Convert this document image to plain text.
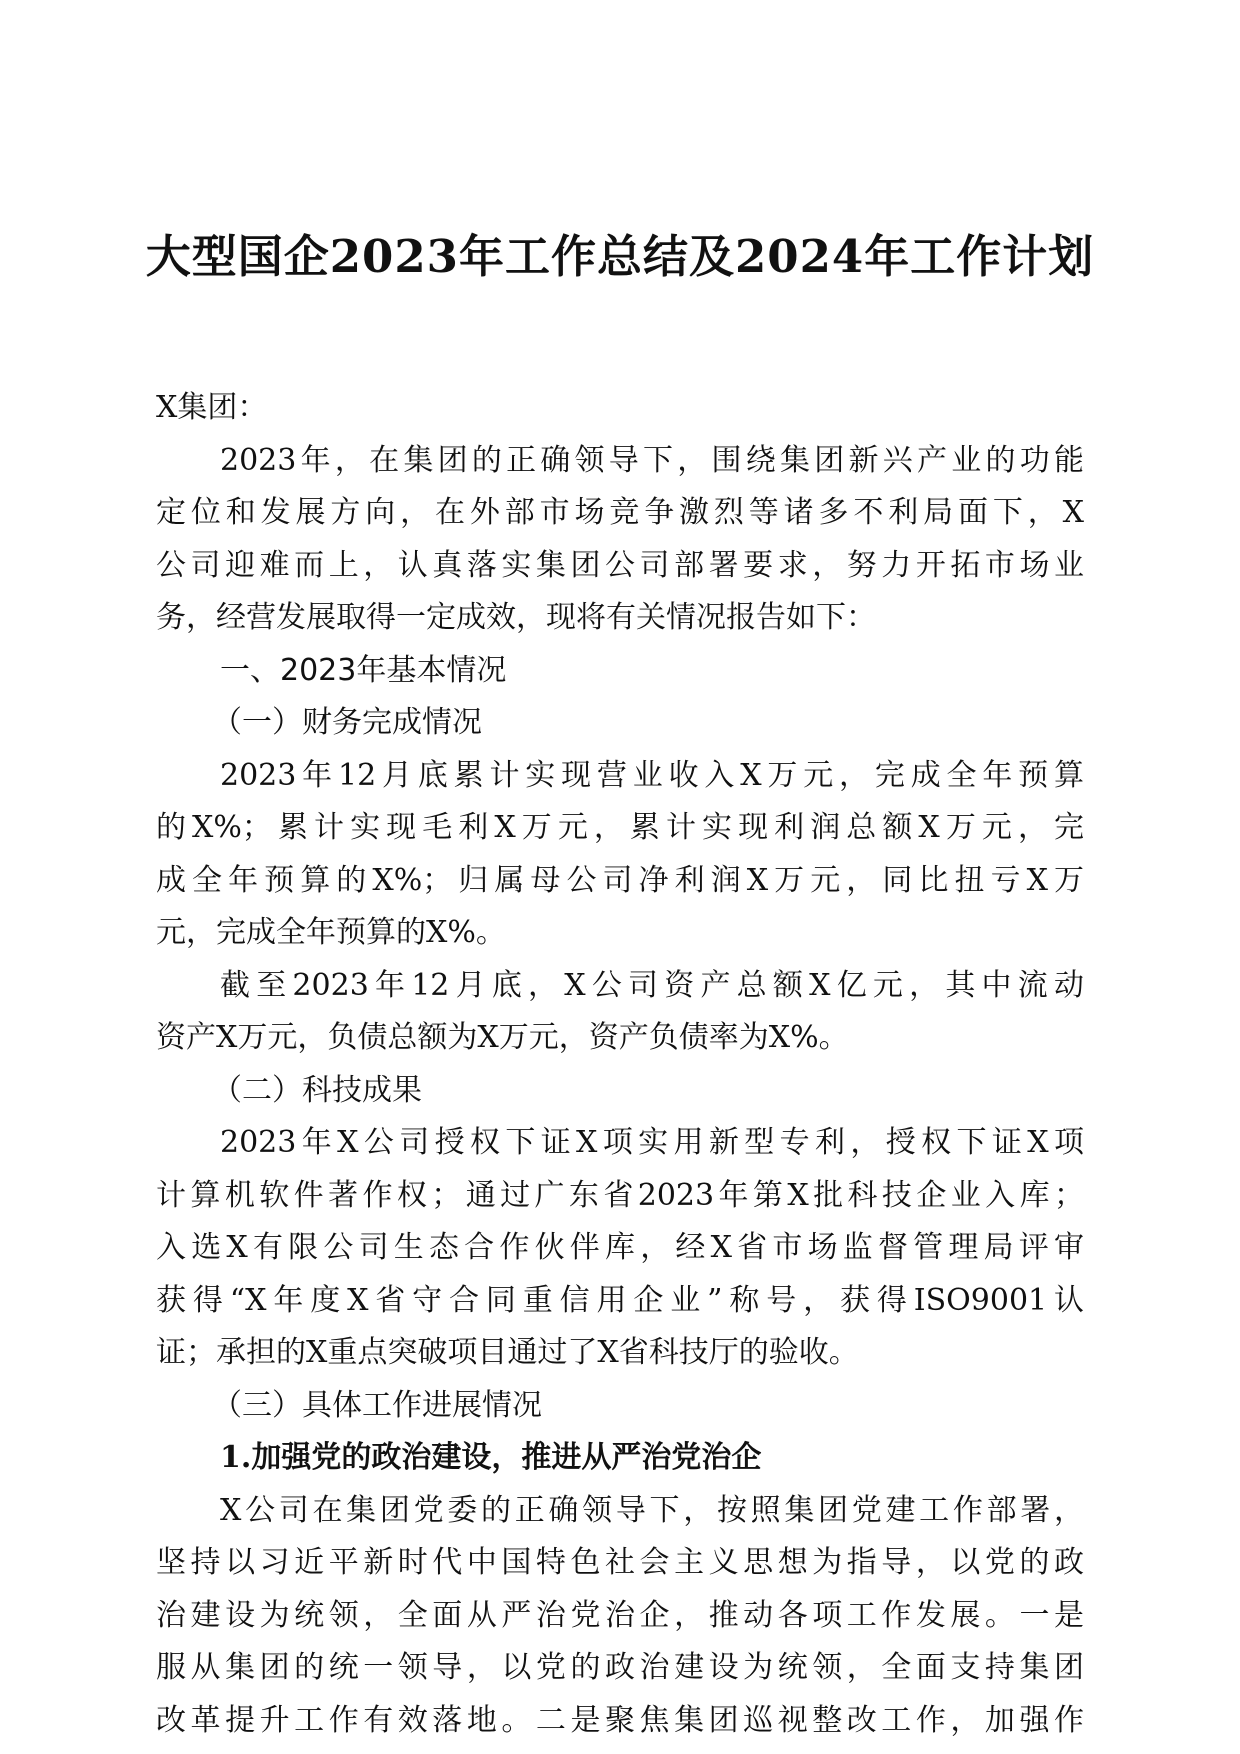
大型国企2023年工作总结及2024年工作计划
X集团：
2023年，在集团的正确领导下，围绕集团新兴产业的功能
定位和发展方向，在外部市场竞争激烈等诸多不利局面下，X
公司迎难而上，认真落实集团公司部署要求，努力开拓市场业
务，经营发展取得一定成效，现将有关情况报告如下：
一、2023年基本情况
（一）财务完成情况
2023年12月底累计实现营业收入X万元，完成全年预算
的X%；累计实现毛利X万元，累计实现利润总额X万元，完
成全年预算的X%；归属母公司净利润X万元，同比扭亏X万
元，完成全年预算的X%。
截至2023年12月底，X公司资产总额X亿元，其中流动
资产X万元，负债总额为X万元，资产负债率为X%。
（二）科技成果
2023年X公司授权下证X项实用新型专利，授权下证X项
计算机软件著作权；通过广东省2023年第X批科技企业入库；
入选X有限公司生态合作伙伴库，经X省市场监督管理局评审
获得“X年度X省守合同重信用企业”称号，获得ISO9001认
证；承担的X重点突破项目通过了X省科技厅的验收。
（三）具体工作进展情况
1.加强党的政治建设，推进从严治党治企
X公司在集团党委的正确领导下，按照集团党建工作部署，
坚持以习近平新时代中国特色社会主义思想为指导，以党的政
治建设为统领，全面从严治党治企，推动各项工作发展。一是
服从集团的统一领导，以党的政治建设为统领，全面支持集团
改革提升工作有效落地。二是聚焦集团巡视整改工作，加强作
